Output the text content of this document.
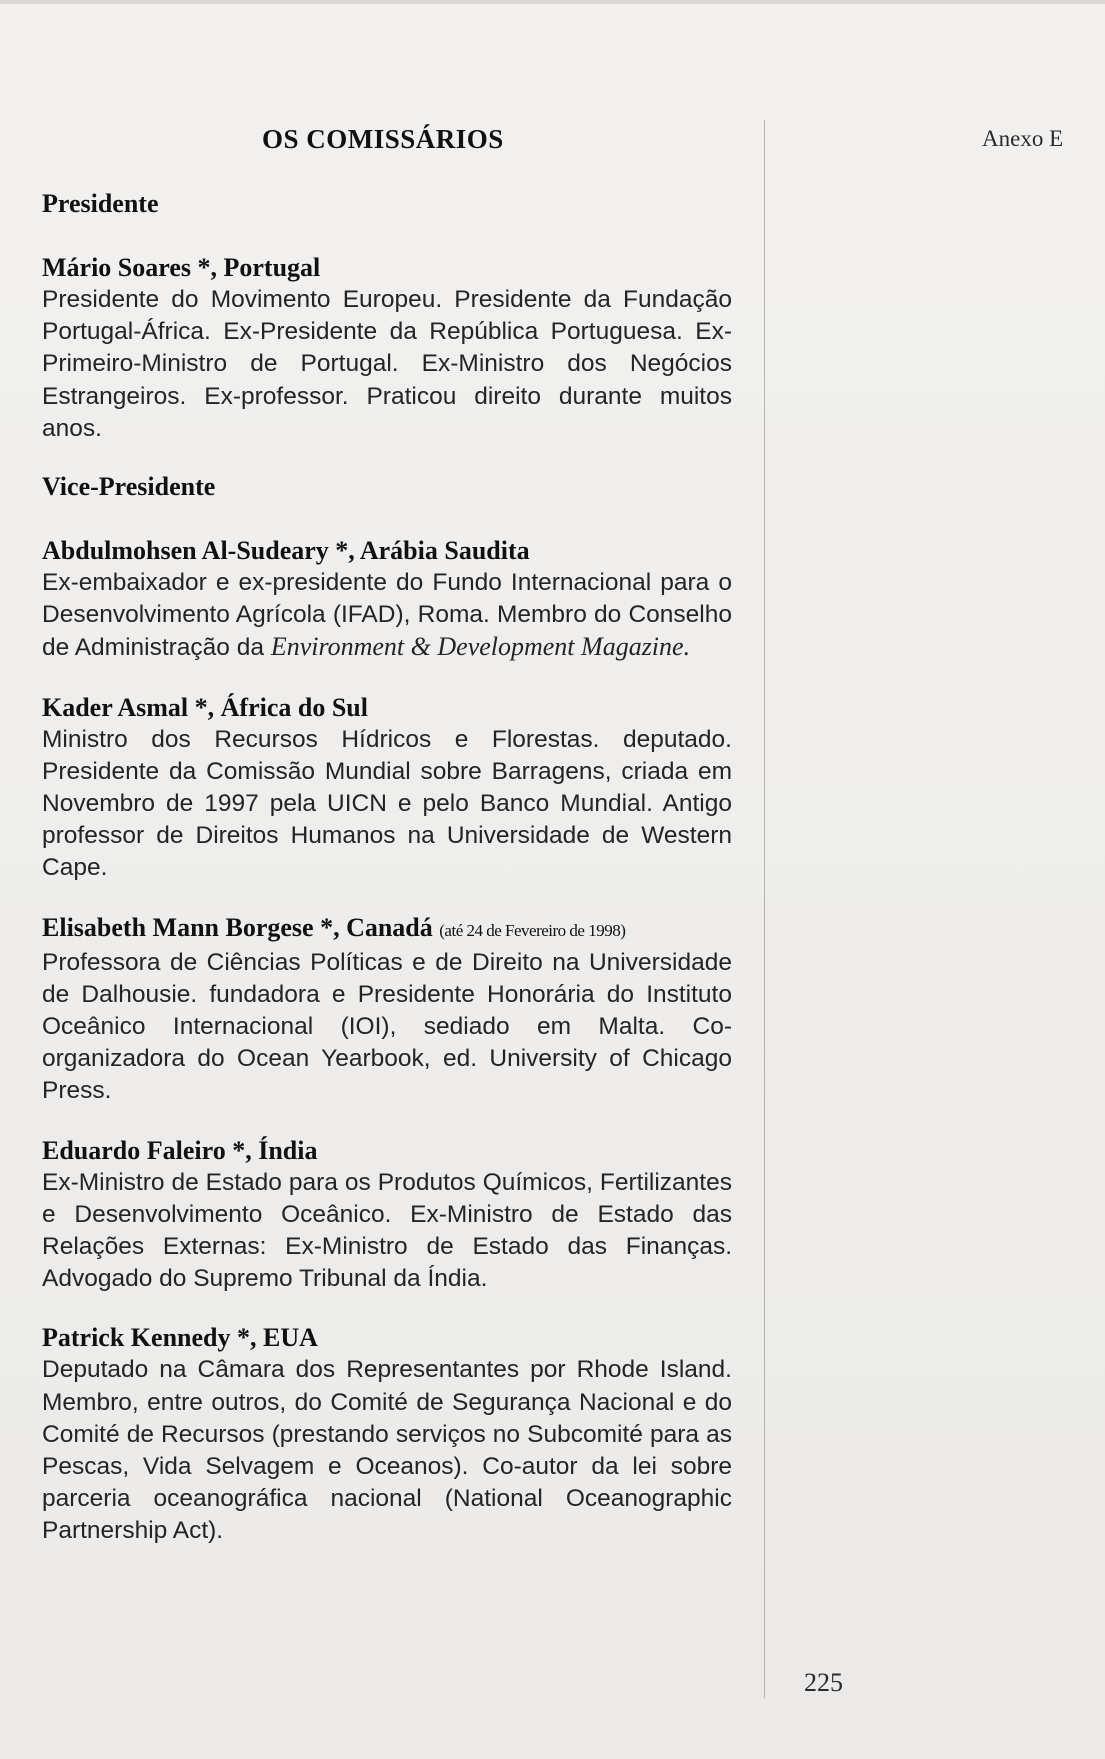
Anexo E
OS COMISSÁRIOS
Presidente
Mário Soares *, Portugal

Presidente do Movimento Europeu. Presidente da Fundação Portugal-África. Ex-Presidente da República Portuguesa. Ex-Primeiro-Ministro de Portugal. Ex-Ministro dos Negócios Estrangeiros. Ex-professor. Praticou direito durante muitos anos.

Vice-Presidente
Abdulmohsen Al-Sudeary *, Arábia Saudita

Ex-embaixador e ex-presidente do Fundo Internacional para o Desenvolvimento Agrícola (IFAD), Roma. Membro do Conselho de Administração da Environment & Development Magazine.

Kader Asmal *, África do Sul

Ministro dos Recursos Hídricos e Florestas. deputado. Presidente da Comissão Mundial sobre Barragens, criada em Novembro de 1997 pela UICN e pelo Banco Mundial. Antigo professor de Direitos Humanos na Universidade de Western Cape.

Elisabeth Mann Borgese *, Canadá (até 24 de Fevereiro de 1998)

Professora de Ciências Políticas e de Direito na Universidade de Dalhousie. fundadora e Presidente Honorária do Instituto Oceânico Internacional (IOI), sediado em Malta. Co-organizadora do Ocean Yearbook, ed. University of Chicago Press.

Eduardo Faleiro *, Índia

Ex-Ministro de Estado para os Produtos Químicos, Fertilizantes e Desenvolvimento Oceânico. Ex-Ministro de Estado das Relações Externas: Ex-Ministro de Estado das Finanças. Advogado do Supremo Tribunal da Índia.

Patrick Kennedy *, EUA

Deputado na Câmara dos Representantes por Rhode Island. Membro, entre outros, do Comité de Segurança Nacional e do Comité de Recursos (prestando serviços no Subcomité para as Pescas, Vida Selvagem e Oceanos). Co-autor da lei sobre parceria oceanográfica nacional (National Oceanographic Partnership Act).

225
